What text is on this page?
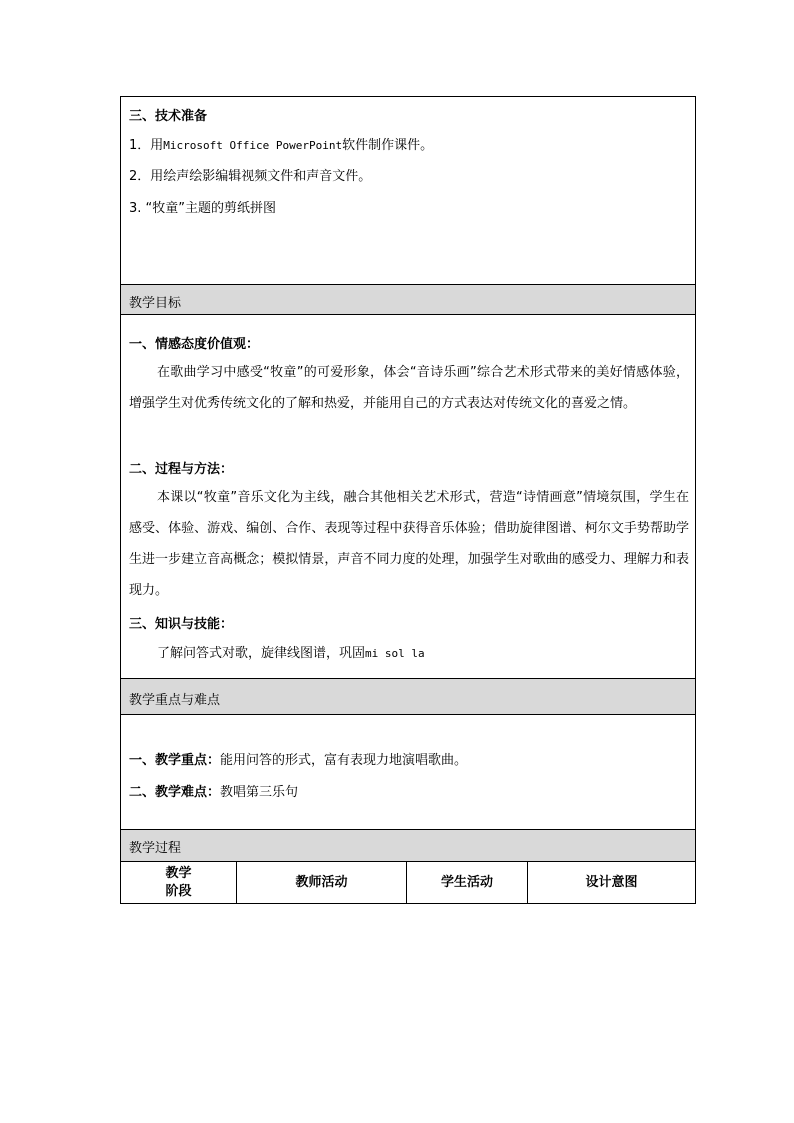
三、技术准备
1．用Microsoft Office PowerPoint软件制作课件。
2．用绘声绘影编辑视频文件和声音文件。
3. “牧童”主题的剪纸拼图
教学目标
一、情感态度价值观：

在歌曲学习中感受“牧童”的可爱形象，体会“音诗乐画”综合艺术形式带来的美好情感体验，增强学生对优秀传统文化的了解和热爱，并能用自己的方式表达对传统文化的喜爱之情。

二、过程与方法：

本课以“牧童”音乐文化为主线，融合其他相关艺术形式，营造“诗情画意”情境氛围，学生在感受、体验、游戏、编创、合作、表现等过程中获得音乐体验；借助旋律图谱、柯尔文手势帮助学生进一步建立音高概念；模拟情景，声音不同力度的处理，加强学生对歌曲的感受力、理解力和表现力。

三、知识与技能：
了解问答式对歌，旋律线图谱，巩固mi sol la
教学重点与难点
一、教学重点：能用问答的形式，富有表现力地演唱歌曲。
二、教学难点：教唱第三乐句
教学过程
教学
阶段
教师活动	学生活动	设计意图
